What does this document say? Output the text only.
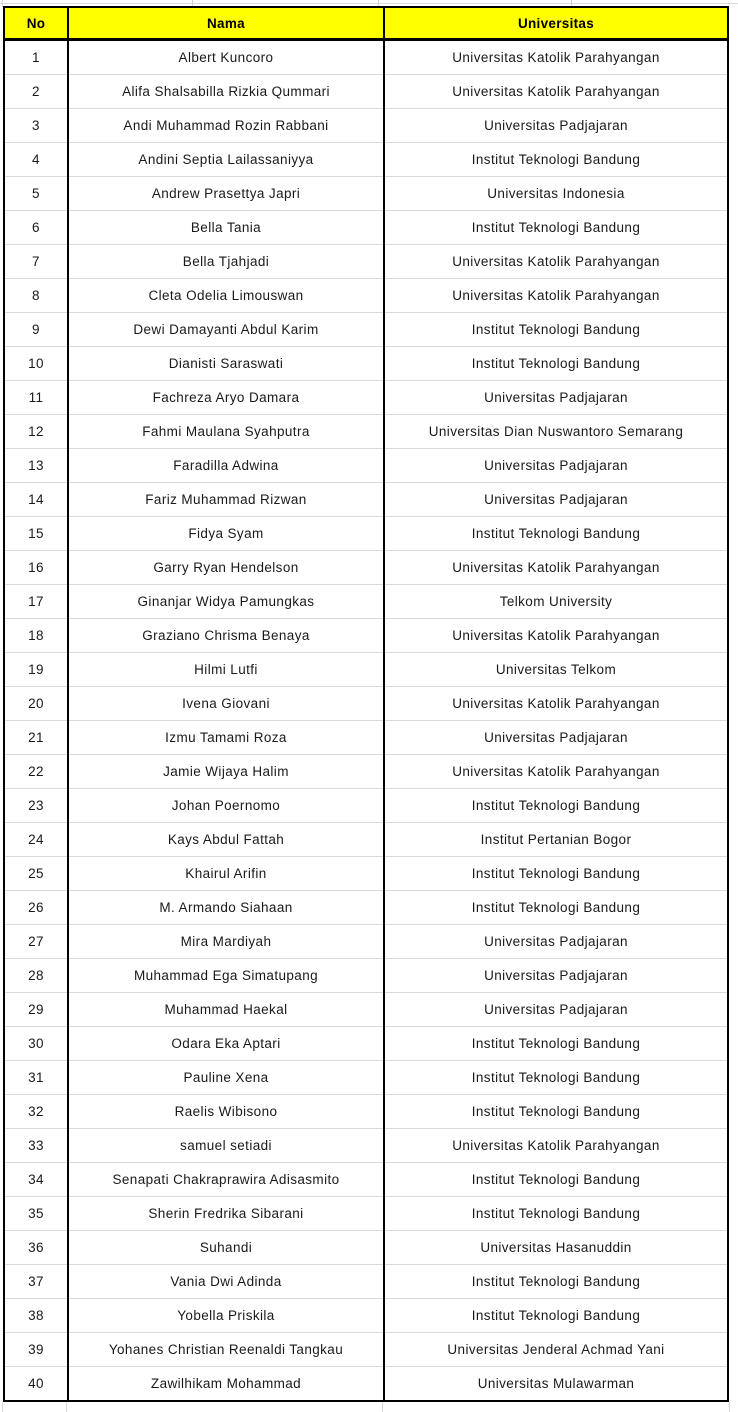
No	Nama	Universitas
1	Albert Kuncoro	Universitas Katolik Parahyangan
2	Alifa Shalsabilla Rizkia Qummari	Universitas Katolik Parahyangan
3	Andi Muhammad Rozin Rabbani	Universitas Padjajaran
4	Andini Septia Lailassaniyya	Institut Teknologi Bandung
5	Andrew Prasettya Japri	Universitas Indonesia
6	Bella Tania	Institut Teknologi Bandung
7	Bella Tjahjadi	Universitas Katolik Parahyangan
8	Cleta Odelia Limouswan	Universitas Katolik Parahyangan
9	Dewi Damayanti Abdul Karim	Institut Teknologi Bandung
10	Dianisti Saraswati	Institut Teknologi Bandung
11	Fachreza Aryo Damara	Universitas Padjajaran
12	Fahmi Maulana Syahputra	Universitas Dian Nuswantoro Semarang
13	Faradilla Adwina	Universitas Padjajaran
14	Fariz Muhammad Rizwan	Universitas Padjajaran
15	Fidya Syam	Institut Teknologi Bandung
16	Garry Ryan Hendelson	Universitas Katolik Parahyangan
17	Ginanjar Widya Pamungkas	Telkom University
18	Graziano Chrisma Benaya	Universitas Katolik Parahyangan
19	Hilmi Lutfi	Universitas Telkom
20	Ivena Giovani	Universitas Katolik Parahyangan
21	Izmu Tamami Roza	Universitas Padjajaran
22	Jamie Wijaya Halim	Universitas Katolik Parahyangan
23	Johan Poernomo	Institut Teknologi Bandung
24	Kays Abdul Fattah	Institut Pertanian Bogor
25	Khairul Arifin	Institut Teknologi Bandung
26	M. Armando Siahaan	Institut Teknologi Bandung
27	Mira Mardiyah	Universitas Padjajaran
28	Muhammad Ega Simatupang	Universitas Padjajaran
29	Muhammad Haekal	Universitas Padjajaran
30	Odara Eka Aptari	Institut Teknologi Bandung
31	Pauline Xena	Institut Teknologi Bandung
32	Raelis Wibisono	Institut Teknologi Bandung
33	samuel setiadi	Universitas Katolik Parahyangan
34	Senapati Chakraprawira Adisasmito	Institut Teknologi Bandung
35	Sherin Fredrika Sibarani	Institut Teknologi Bandung
36	Suhandi	Universitas Hasanuddin
37	Vania Dwi Adinda	Institut Teknologi Bandung
38	Yobella Priskila	Institut Teknologi Bandung
39	Yohanes Christian Reenaldi Tangkau	Universitas Jenderal Achmad Yani
40	Zawilhikam Mohammad	Universitas Mulawarman
